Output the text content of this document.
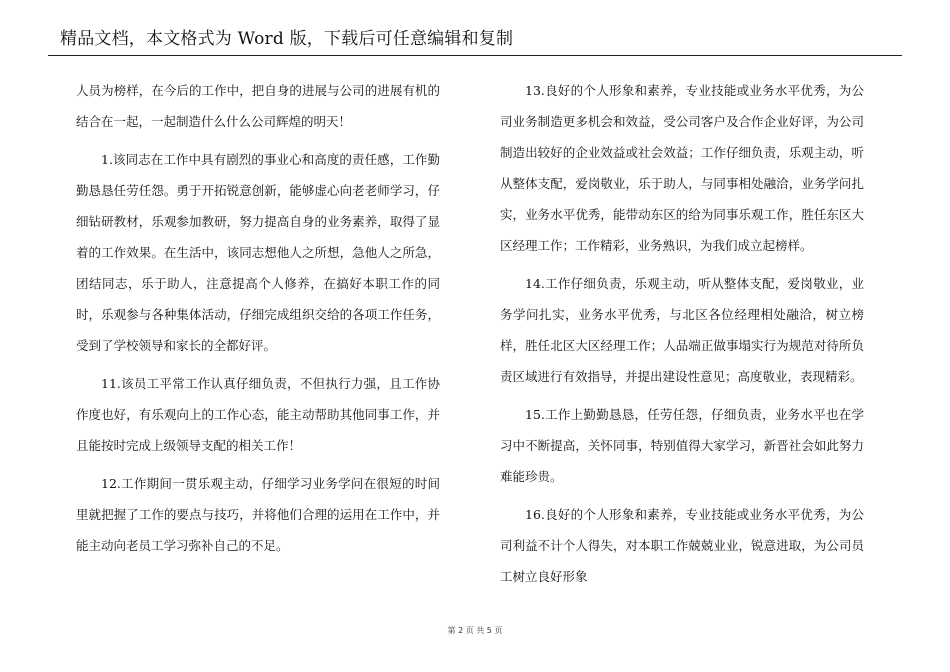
精品文档，本文格式为 Word 版，下载后可任意编辑和复制

人员为榜样，在今后的工作中，把自身的进展与公司的进展有机的结合在一起，一起制造什么什么公司辉煌的明天！

1.该同志在工作中具有剧烈的事业心和高度的责任感，工作勤勤恳恳任劳任怨。勇于开拓锐意创新，能够虚心向老老师学习，仔细钻研教材，乐观参加教研，努力提高自身的业务素养，取得了显着的工作效果。在生活中，该同志想他人之所想，急他人之所急，团结同志，乐于助人，注意提高个人修养，在搞好本职工作的同时，乐观参与各种集体活动，仔细完成组织交给的各项工作任务，受到了学校领导和家长的全都好评。

11.该员工平常工作认真仔细负责，不但执行力强，且工作协作度也好，有乐观向上的工作心态，能主动帮助其他同事工作，并且能按时完成上级领导支配的相关工作！

12.工作期间一贯乐观主动，仔细学习业务学问在很短的时间里就把握了工作的要点与技巧，并将他们合理的运用在工作中，并能主动向老员工学习弥补自己的不足。

13.良好的个人形象和素养，专业技能或业务水平优秀，为公司业务制造更多机会和效益，受公司客户及合作企业好评，为公司制造出较好的企业效益或社会效益；工作仔细负责，乐观主动，听从整体支配，爱岗敬业，乐于助人，与同事相处融洽，业务学问扎实，业务水平优秀，能带动东区的给为同事乐观工作，胜任东区大区经理工作；工作精彩，业务熟识，为我们成立起榜样。

14.工作仔细负责，乐观主动，听从整体支配，爱岗敬业，业务学问扎实，业务水平优秀，与北区各位经理相处融洽，树立榜样，胜任北区大区经理工作；人品端正做事塌实行为规范对待所负责区域进行有效指导，并提出建设性意见；高度敬业，表现精彩。

15.工作上勤勤恳恳，任劳任怨，仔细负责，业务水平也在学习中不断提高，关怀同事，特别值得大家学习，新晋社会如此努力难能珍贵。

16.良好的个人形象和素养，专业技能或业务水平优秀，为公司利益不计个人得失，对本职工作兢兢业业，锐意进取，为公司员工树立良好形象

第 2 页 共 5 页
